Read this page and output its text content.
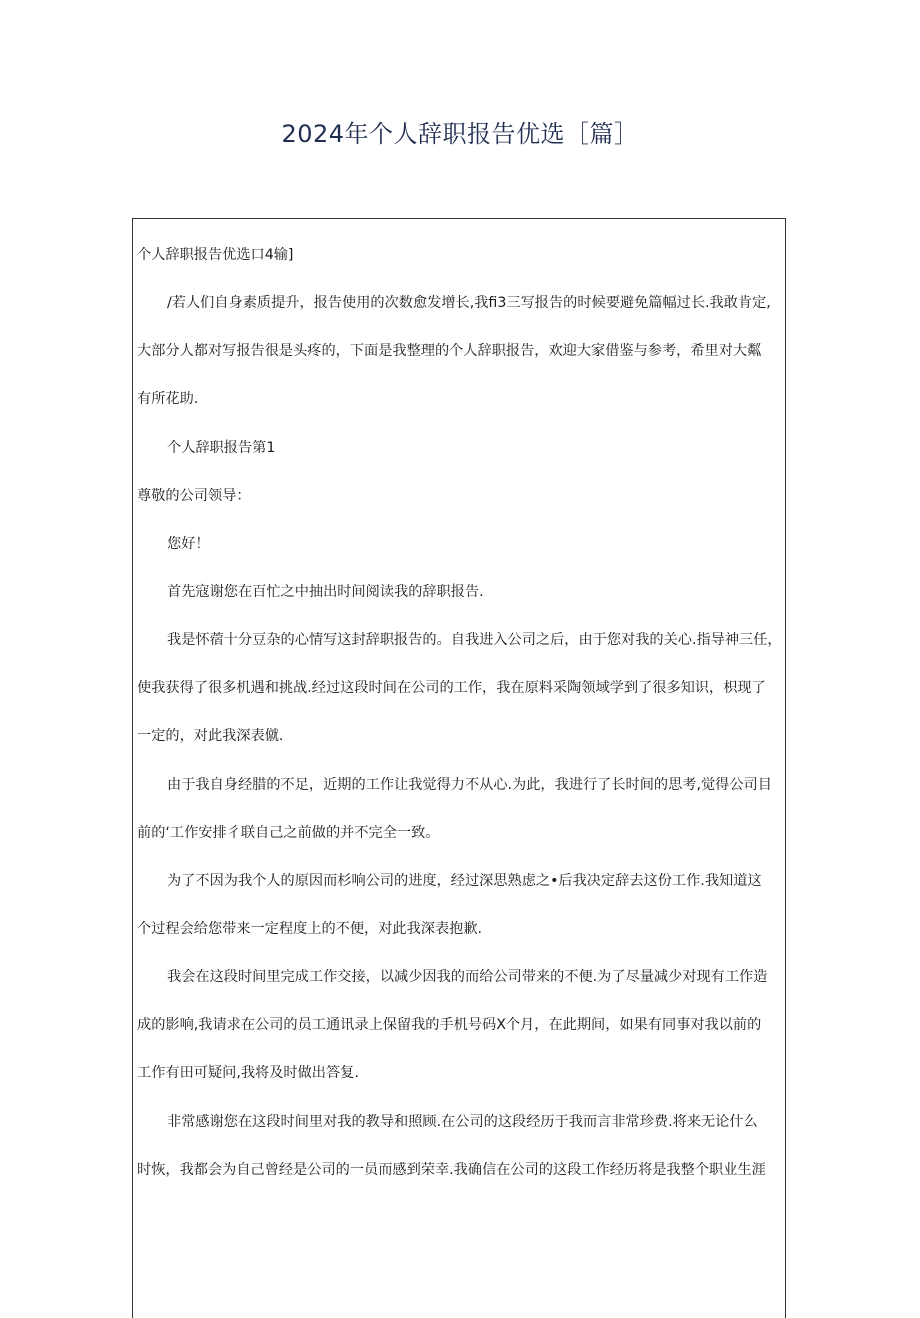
2024年个人辞职报告优选［篇］

个人辞职报告优选口4输]

/若人们自身素质提升，报告使用的次数愈发增长,我fi3三写报告的时候要避免篇幅过长.我敢肯定,

大部分人都对写报告很是头疼的，下面是我整理的个人辞职报告，欢迎大家借鉴与参考，希里对大粼

有所花助.

个人辞职报告第1

尊敬的公司领导：

您好！

首先寇谢您在百忙之中抽出时间阅读我的辞职报告.

我是怀蓿十分豆杂的心情写这封辞职报告的。自我进入公司之后，由于您对我的关心.指导神三任，

使我获得了很多机遇和挑战.经过这段时间在公司的工作，我在原料采陶领域学到了很多知识，枳现了

一定的，对此我深表僦.

由于我自身经腊的不足，近期的工作让我觉得力不从心.为此，我进行了长时间的思考,觉得公司目

前的‘工作安排彳联自己之前做的并不完全一致。

为了不因为我个人的原因而杉响公司的进度，经过深思熟虑之•后我决定辞去这份工作.我知道这

个过程会给您带来一定程度上的不便，对此我深表抱歉.

我会在这段时间里完成工作交接，以减少因我的而给公司带来的不便.为了尽量减少对现有工作造

成的影响,我请求在公司的员工通讯录上保留我的手机号码X个月，在此期间，如果有同事对我以前的

工作有田可疑问,我将及时做出答复.

非常感谢您在这段时间里对我的教导和照顾.在公司的这段经历于我而言非常珍费.将来无论什么

时恢，我都会为自己曾经是公司的一员而感到荣幸.我确信在公司的这段工作经历将是我整个职业生涯
